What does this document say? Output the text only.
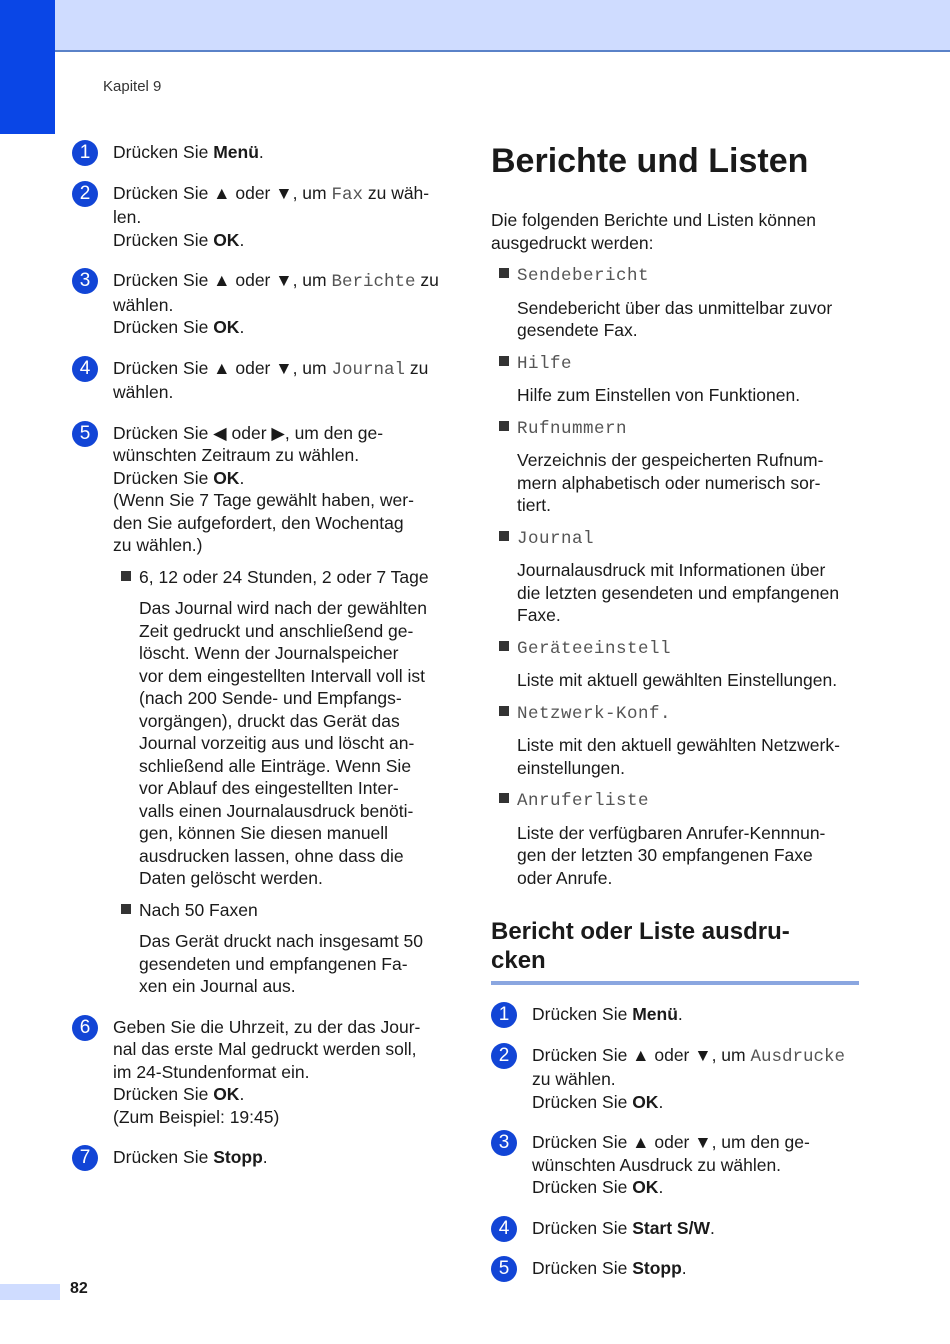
Kapitel 9
1	Drücken Sie Menü.
2	Drücken Sie ▲ oder ▼, um Fax zu wäh-
len.
Drücken Sie OK.
3	Drücken Sie ▲ oder ▼, um Berichte zu
wählen.
Drücken Sie OK.
4	Drücken Sie ▲ oder ▼, um Journal zu
wählen.
5	Drücken Sie ◀ oder ▶, um den ge-
wünschten Zeitraum zu wählen.
Drücken Sie OK.
(Wenn Sie 7 Tage gewählt haben, wer-
den Sie aufgefordert, den Wochentag
zu wählen.)
6, 12 oder 24 Stunden, 2 oder 7 Tage
Das Journal wird nach der gewählten
Zeit gedruckt und anschließend ge-
löscht. Wenn der Journalspeicher
vor dem eingestellten Intervall voll ist
(nach 200 Sende- und Empfangs-
vorgängen), druckt das Gerät das
Journal vorzeitig aus und löscht an-
schließend alle Einträge. Wenn Sie
vor Ablauf des eingestellten Inter-
valls einen Journalausdruck benöti-
gen, können Sie diesen manuell
ausdrucken lassen, ohne dass die
Daten gelöscht werden.
Nach 50 Faxen
Das Gerät druckt nach insgesamt 50
gesendeten und empfangenen Fa-
xen ein Journal aus.
6	Geben Sie die Uhrzeit, zu der das Jour-
nal das erste Mal gedruckt werden soll,
im 24-Stundenformat ein.
Drücken Sie OK.
(Zum Beispiel: 19:45)
7	Drücken Sie Stopp.
Berichte und Listen
Die folgenden Berichte und Listen können
ausgedruckt werden:
Sendebericht
Sendebericht über das unmittelbar zuvor
gesendete Fax.
Hilfe
Hilfe zum Einstellen von Funktionen.
Rufnummern
Verzeichnis der gespeicherten Rufnum-
mern alphabetisch oder numerisch sor-
tiert.
Journal
Journalausdruck mit Informationen über
die letzten gesendeten und empfangenen
Faxe.
Geräteeinstell
Liste mit aktuell gewählten Einstellungen.
Netzwerk-Konf.
Liste mit den aktuell gewählten Netzwerk-
einstellungen.
Anruferliste
Liste der verfügbaren Anrufer-Kennnun-
gen der letzten 30 empfangenen Faxe
oder Anrufe.
Bericht oder Liste ausdru-
cken
1	Drücken Sie Menü.
2	Drücken Sie ▲ oder ▼, um Ausdrucke
zu wählen.
Drücken Sie OK.
3	Drücken Sie ▲ oder ▼, um den ge-
wünschten Ausdruck zu wählen.
Drücken Sie OK.
4	Drücken Sie Start S/W.
5	Drücken Sie Stopp.
82
